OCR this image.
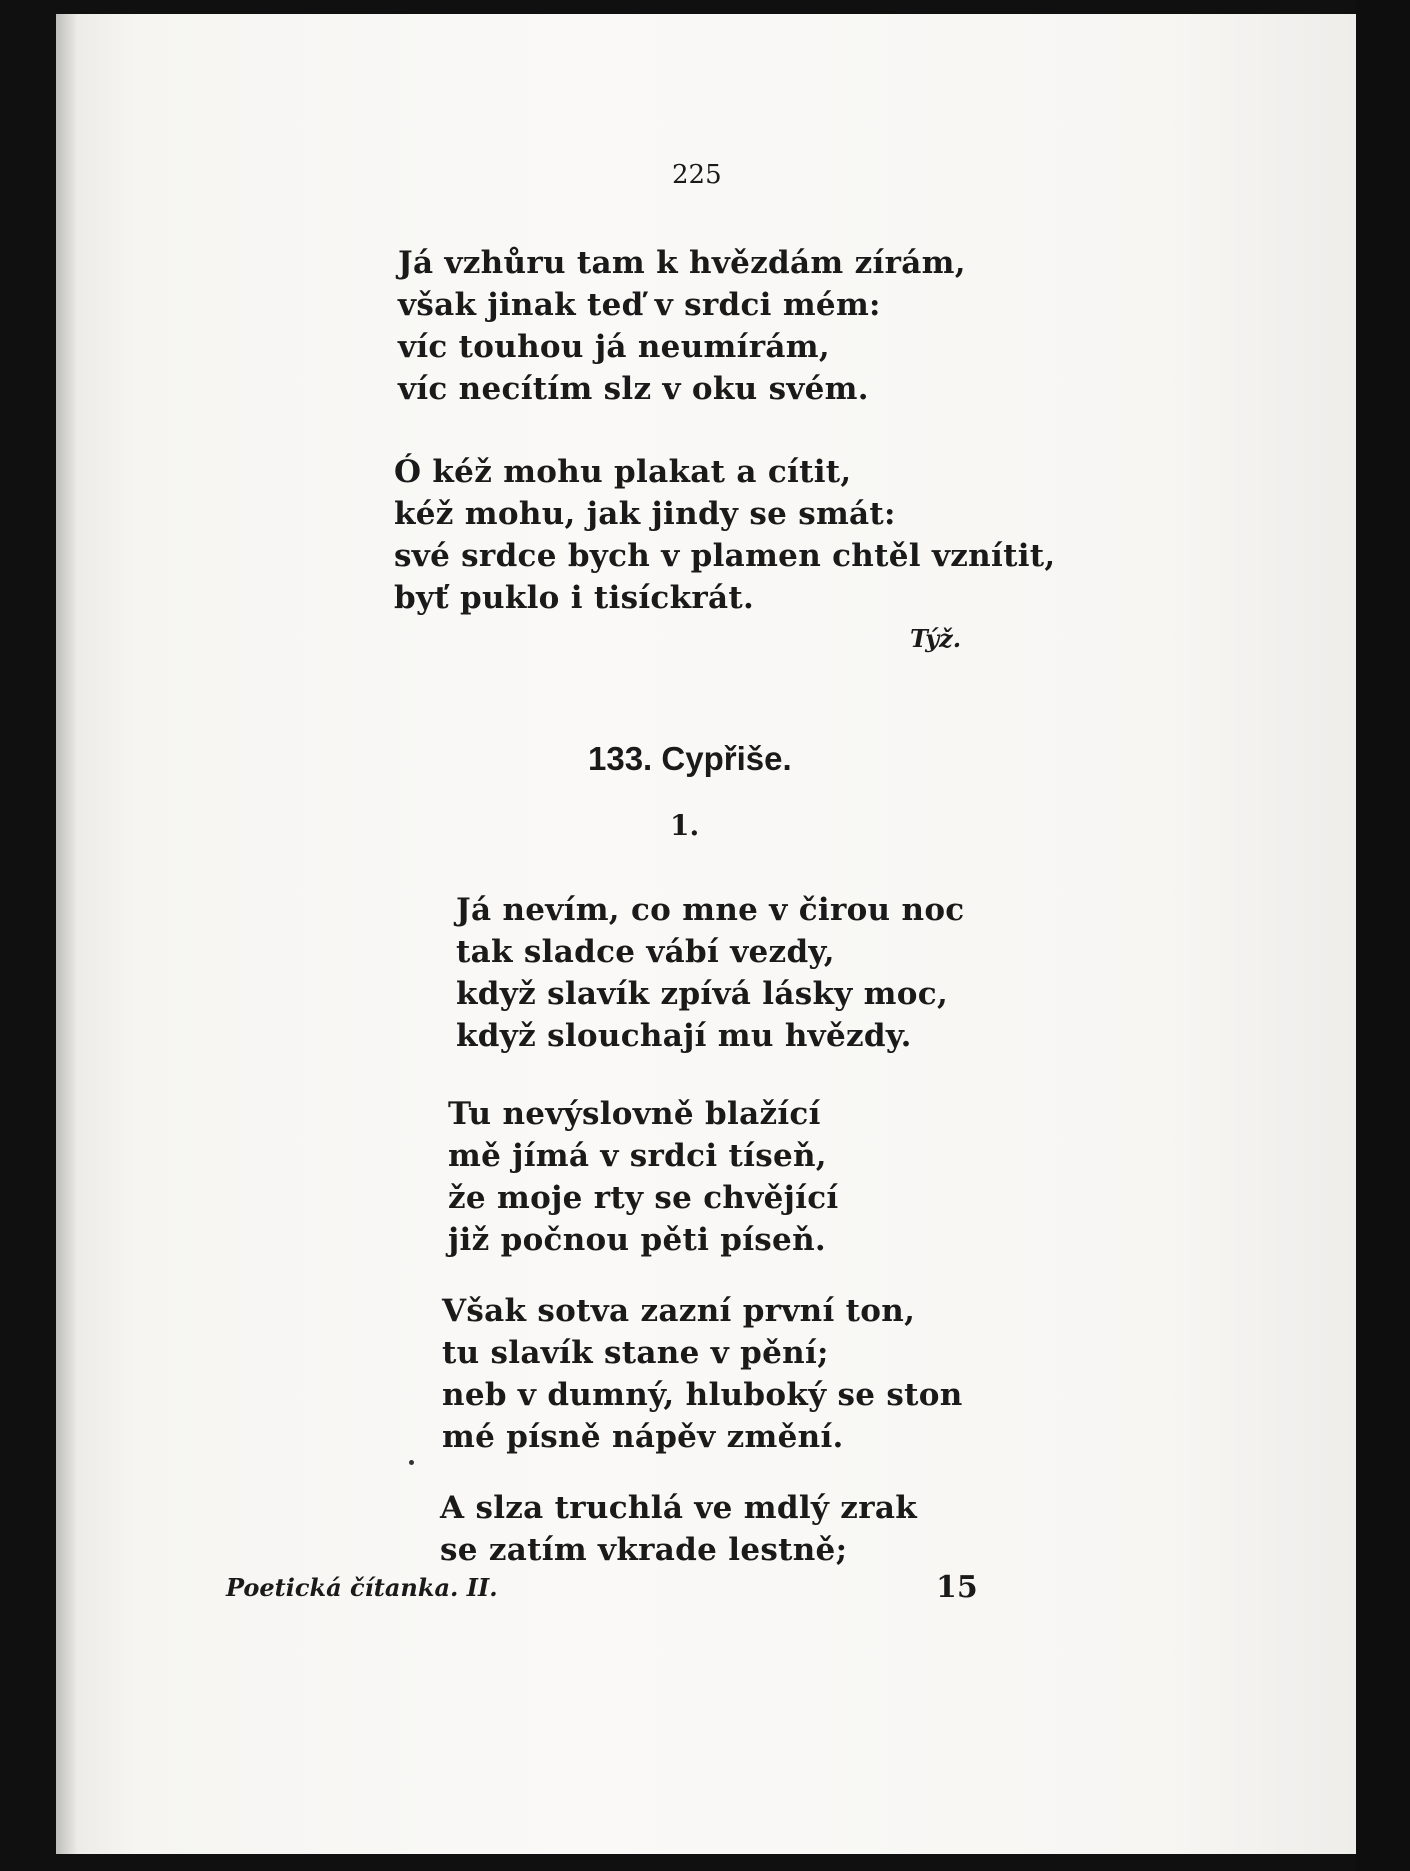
225
Já vzhůru tam k hvězdám zírám,
však jinak teď v srdci mém:
víc touhou já neumírám,
víc necítím slz v oku svém.
Ó kéž mohu plakat a cítit,
kéž mohu, jak jindy se smát:
své srdce bych v plamen chtěl vznítit,
byť puklo i tisíckrát.
Týž.
133. Cypřiše.
1.
Já nevím, co mne v čirou noc
tak sladce vábí vezdy,
když slavík zpívá lásky moc,
když slouchají mu hvězdy.
Tu nevýslovně blažící
mě jímá v srdci tíseň,
že moje rty se chvějící
již počnou pěti píseň.
Však sotva zazní první ton,
tu slavík stane v pění;
neb v dumný, hluboký se ston
mé písně nápěv změní.
A slza truchlá ve mdlý zrak
se zatím vkrade lestně;
Poetická čítanka. II.	15
